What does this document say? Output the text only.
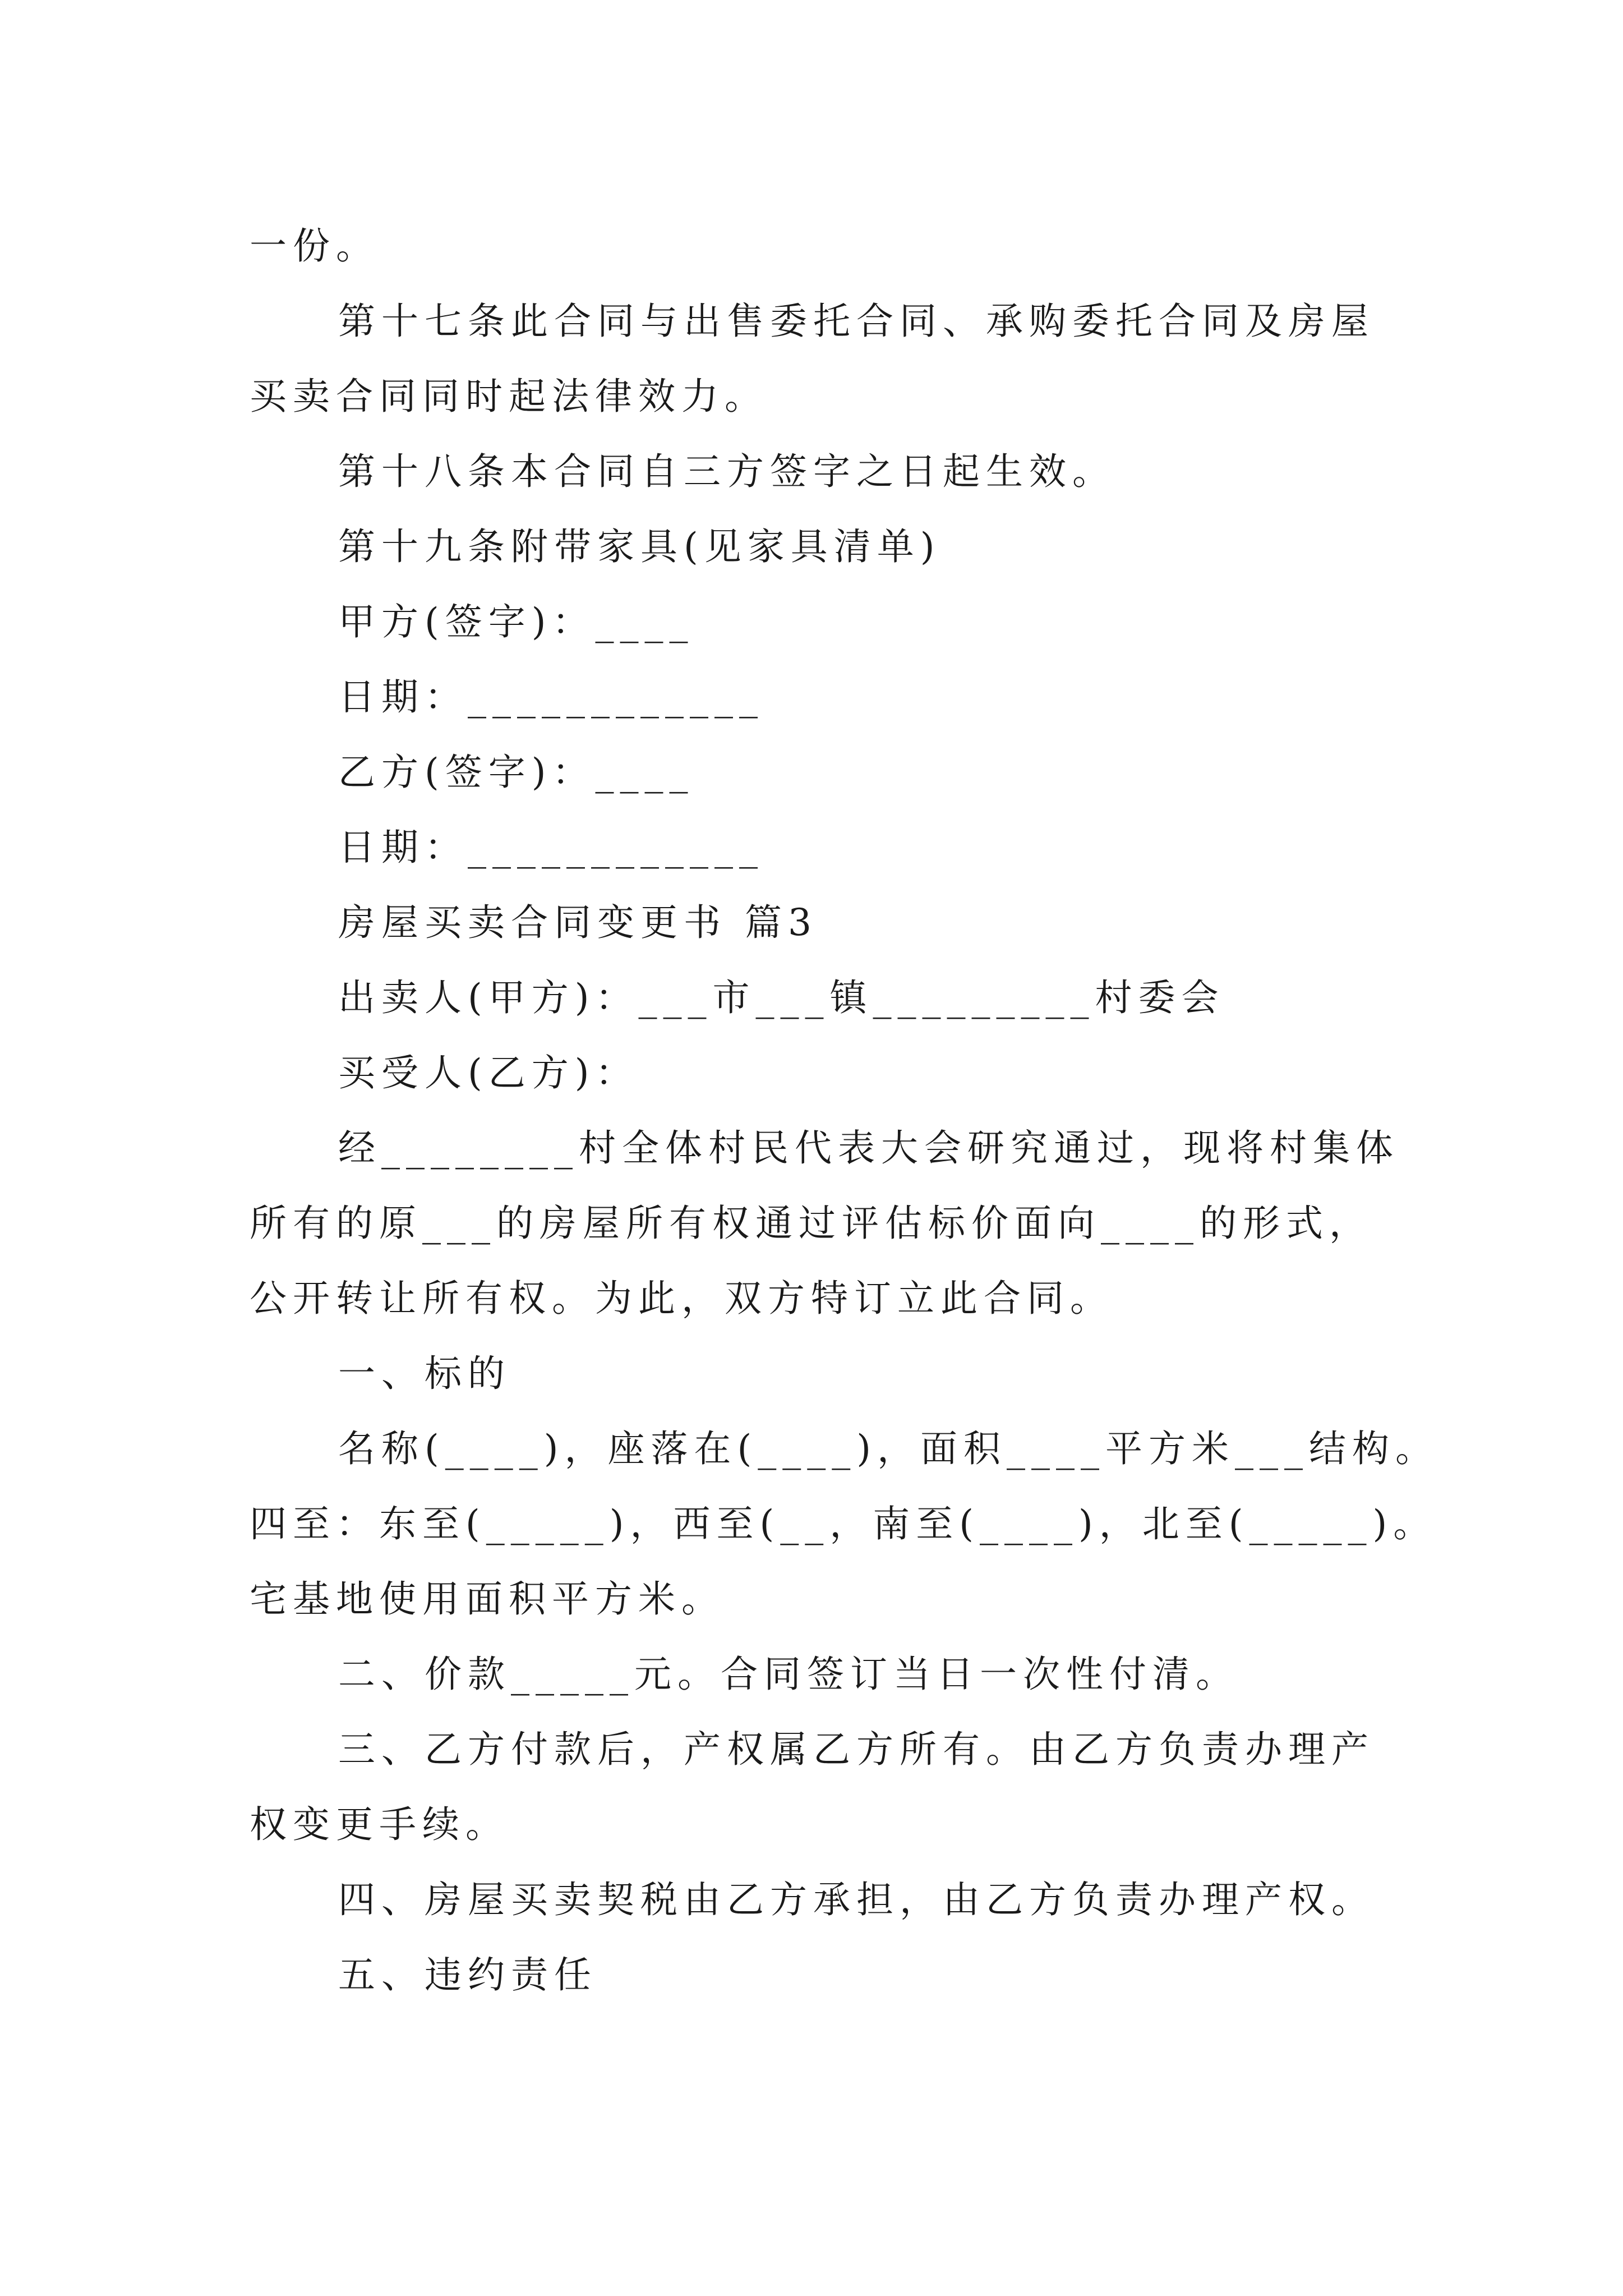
一份。
第十七条此合同与出售委托合同、承购委托合同及房屋
买卖合同同时起法律效力。
第十八条本合同自三方签字之日起生效。
第十九条附带家具(见家具清单)
甲方(签字)：____
日期：____________
乙方(签字)：____
日期：____________
房屋买卖合同变更书 篇3
出卖人(甲方)：___市___镇_________村委会
买受人(乙方)：
经________村全体村民代表大会研究通过，现将村集体
所有的原___的房屋所有权通过评估标价面向____的形式，
公开转让所有权。为此，双方特订立此合同。
一、标的
名称(____)，座落在(____)，面积____平方米___结构。
四至：东至(_____)，西至(__，南至(____)，北至(_____)。
宅基地使用面积平方米。
二、价款_____元。合同签订当日一次性付清。
三、乙方付款后，产权属乙方所有。由乙方负责办理产
权变更手续。
四、房屋买卖契税由乙方承担，由乙方负责办理产权。
五、违约责任
